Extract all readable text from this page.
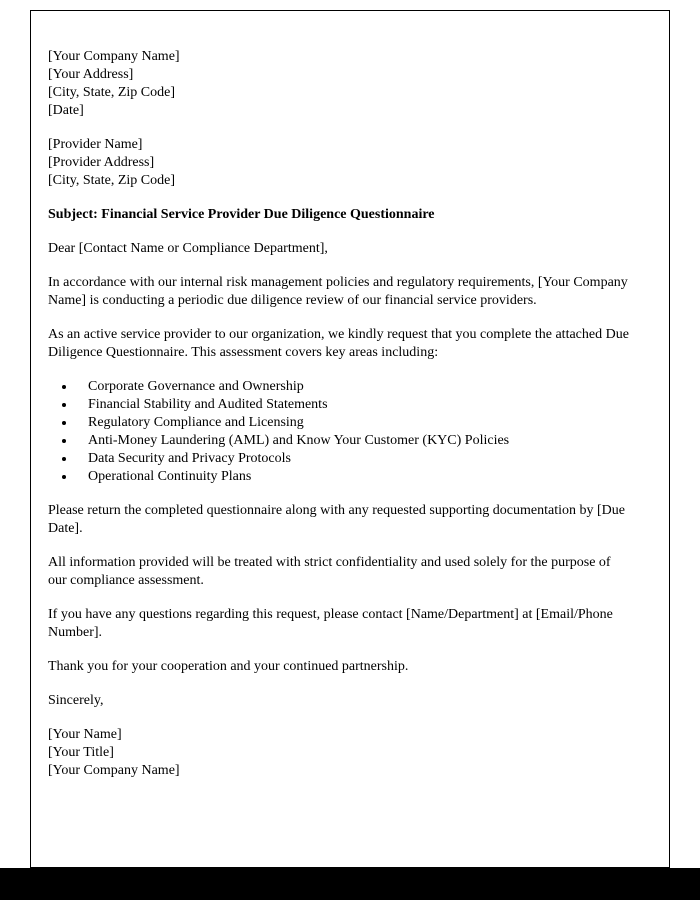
[Your Company Name]
[Your Address]
[City, State, Zip Code]
[Date]
[Provider Name]
[Provider Address]
[City, State, Zip Code]
Subject: Financial Service Provider Due Diligence Questionnaire
Dear [Contact Name or Compliance Department],
In accordance with our internal risk management policies and regulatory requirements, [Your Company Name] is conducting a periodic due diligence review of our financial service providers.
As an active service provider to our organization, we kindly request that you complete the attached Due Diligence Questionnaire. This assessment covers key areas including:
• Corporate Governance and Ownership
• Financial Stability and Audited Statements
• Regulatory Compliance and Licensing
• Anti-Money Laundering (AML) and Know Your Customer (KYC) Policies
• Data Security and Privacy Protocols
• Operational Continuity Plans
Please return the completed questionnaire along with any requested supporting documentation by [Due Date].
All information provided will be treated with strict confidentiality and used solely for the purpose of our compliance assessment.
If you have any questions regarding this request, please contact [Name/Department] at [Email/Phone Number].
Thank you for your cooperation and your continued partnership.
Sincerely,
[Your Name]
[Your Title]
[Your Company Name]
